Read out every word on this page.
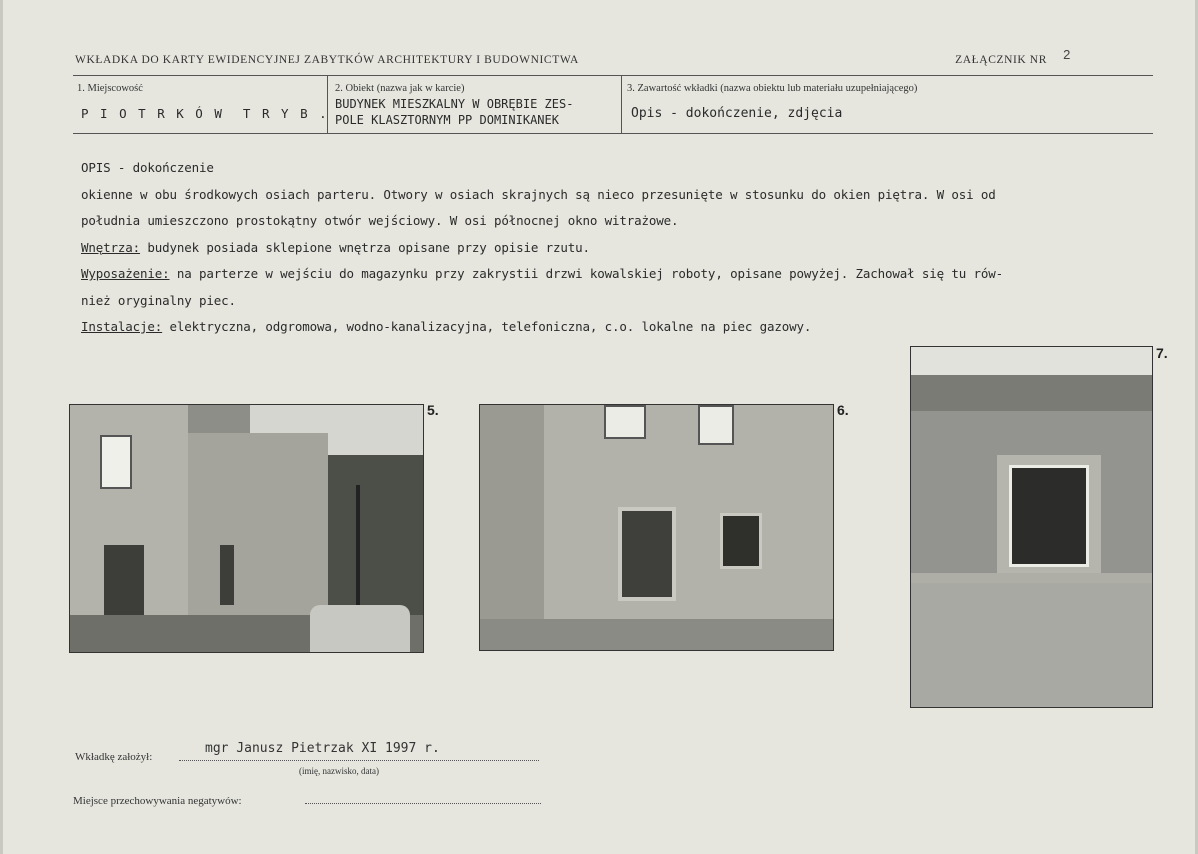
WKŁADKA DO KARTY EWIDENCYJNEJ ZABYTKÓW ARCHITEKTURY I BUDOWNICTWA	ZAŁĄCZNIK NR 2
1. Miejscowość
P I O T R K Ó W  T R Y B .
2. Obiekt (nazwa jak w karcie)
BUDYNEK MIESZKALNY W OBRĘBIE ZES-
POLE KLASZTORNYM PP DOMINIKANEK
3. Zawartość wkładki (nazwa obiektu lub materiału uzupełniającego)
Opis - dokończenie, zdjęcia

OPIS - dokończenie

okienne w obu środkowych osiach parteru. Otwory w osiach skrajnych są nieco przesunięte w stosunku do okien piętra. W osi od

południa umieszczono prostokątny otwór wejściowy. W osi północnej okno witrażowe.

Wnętrza: budynek posiada sklepione wnętrza opisane przy opisie rzutu.

Wyposażenie: na parterze w wejściu do magazynku przy zakrystii drzwi kowalskiej roboty, opisane powyżej. Zachował się tu rów-

nież oryginalny piec.

Instalacje: elektryczna, odgromowa, wodno-kanalizacyjna, telefoniczna, c.o. lokalne na piec gazowy.

5.	6.
7.
Wkładkę założył:
mgr Janusz Pietrzak XI 1997 r.
(imię, nazwisko, data)
Miejsce przechowywania negatywów:
